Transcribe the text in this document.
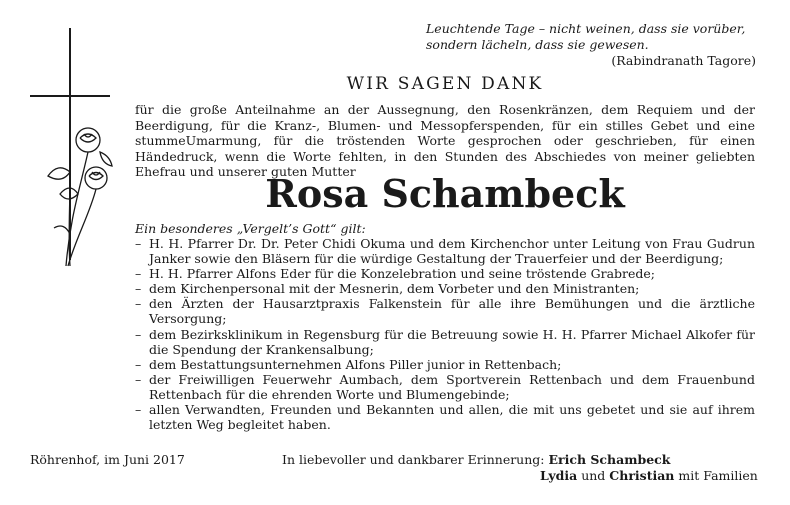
Leuchtende Tage – nicht weinen, dass sie vorüber,
sondern lächeln, dass sie gewesen.
(Rabindranath Tagore)
WIR SAGEN DANK
für die große Anteilnahme an der Aussegnung, den Rosenkränzen, dem Requiem und der Beerdigung, für die Kranz-, Blumen- und Messopferspenden, für ein stilles Gebet und eine stummeUmarmung, für die tröstenden Worte gesprochen oder geschrieben, für einen Händedruck, wenn die Worte fehlten, in den Stunden des Abschiedes von meiner geliebten Ehefrau und unserer guten Mutter
Rosa Schambeck
Ein besonderes „Vergelt’s Gott“ gilt:
– H. H. Pfarrer Dr. Dr. Peter Chidi Okuma und dem Kirchenchor unter Leitung von Frau Gudrun Janker sowie den Bläsern für die würdige Gestaltung der Trauerfeier und der Beerdigung;
– H. H. Pfarrer Alfons Eder für die Konzelebration und seine tröstende Grabrede;
– dem Kirchenpersonal mit der Mesnerin, dem Vorbeter und den Ministranten;
– den Ärzten der Hausarztpraxis Falkenstein für alle ihre Bemühungen und die ärztliche Versorgung;
– dem Bezirksklinikum in Regensburg für die Betreuung sowie H. H. Pfarrer Michael Alkofer für die Spendung der Krankensalbung;
– dem Bestattungsunternehmen Alfons Piller junior in Rettenbach;
– der Freiwilligen Feuerwehr Aumbach, dem Sportverein Rettenbach und dem Frauenbund Rettenbach für die ehrenden Worte und Blumengebinde;
– allen Verwandten, Freunden und Bekannten und allen, die mit uns gebetet und sie auf ihrem letzten Weg begleitet haben.
Röhrenhof, im Juni 2017	In liebevoller und dankbarer Erinnerung: Erich Schambeck
Lydia und Christian mit Familien
